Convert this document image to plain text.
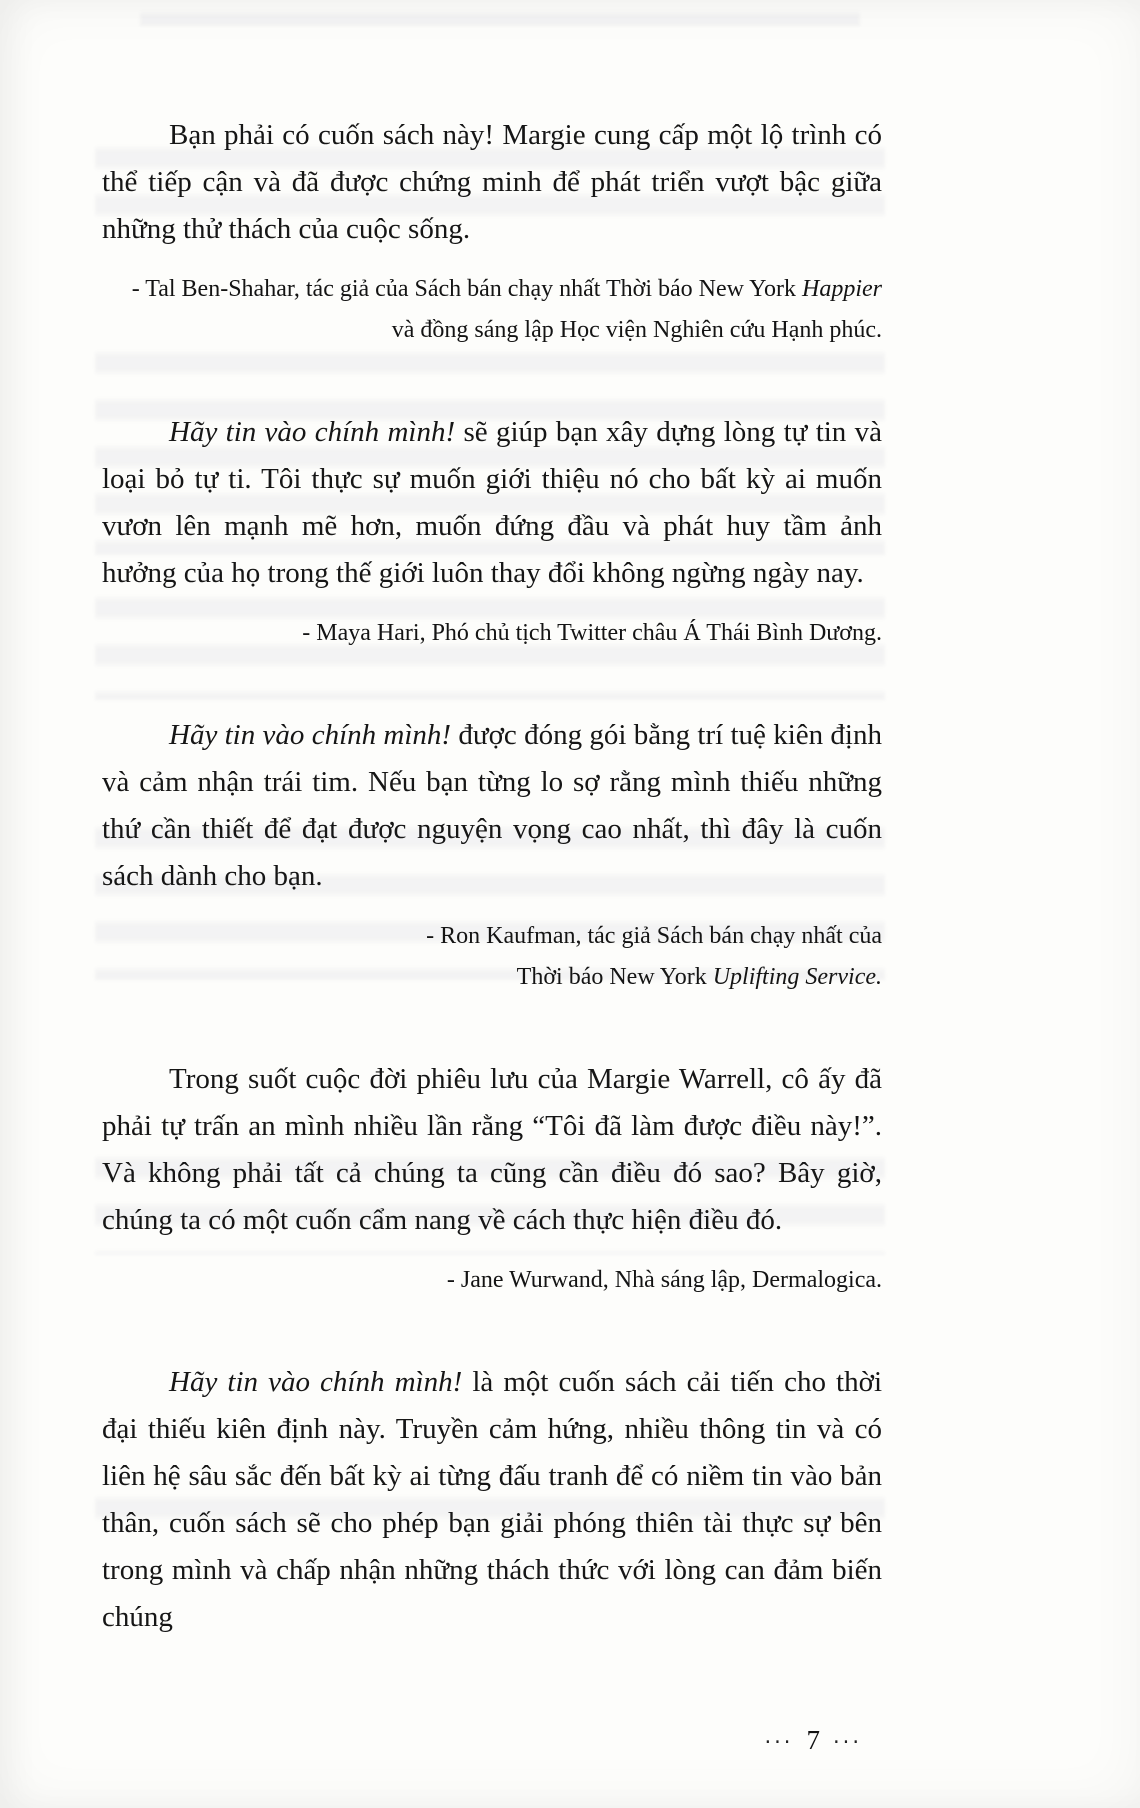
Bạn phải có cuốn sách này! Margie cung cấp một lộ trình có thể tiếp cận và đã được chứng minh để phát triển vượt bậc giữa những thử thách của cuộc sống.

- Tal Ben-Shahar, tác giả của Sách bán chạy nhất Thời báo New York Happier
và đồng sáng lập Học viện Nghiên cứu Hạnh phúc.

Hãy tin vào chính mình! sẽ giúp bạn xây dựng lòng tự tin và loại bỏ tự ti. Tôi thực sự muốn giới thiệu nó cho bất kỳ ai muốn vươn lên mạnh mẽ hơn, muốn đứng đầu và phát huy tầm ảnh hưởng của họ trong thế giới luôn thay đổi không ngừng ngày nay.

- Maya Hari, Phó chủ tịch Twitter châu Á Thái Bình Dương.

Hãy tin vào chính mình! được đóng gói bằng trí tuệ kiên định và cảm nhận trái tim. Nếu bạn từng lo sợ rằng mình thiếu những thứ cần thiết để đạt được nguyện vọng cao nhất, thì đây là cuốn sách dành cho bạn.

- Ron Kaufman, tác giả Sách bán chạy nhất của
Thời báo New York Uplifting Service.

Trong suốt cuộc đời phiêu lưu của Margie Warrell, cô ấy đã phải tự trấn an mình nhiều lần rằng “Tôi đã làm được điều này!”. Và không phải tất cả chúng ta cũng cần điều đó sao? Bây giờ, chúng ta có một cuốn cẩm nang về cách thực hiện điều đó.

- Jane Wurwand, Nhà sáng lập, Dermalogica.

Hãy tin vào chính mình! là một cuốn sách cải tiến cho thời đại thiếu kiên định này. Truyền cảm hứng, nhiều thông tin và có liên hệ sâu sắc đến bất kỳ ai từng đấu tranh để có niềm tin vào bản thân, cuốn sách sẽ cho phép bạn giải phóng thiên tài thực sự bên trong mình và chấp nhận những thách thức với lòng can đảm biến chúng

··· 7 ···
